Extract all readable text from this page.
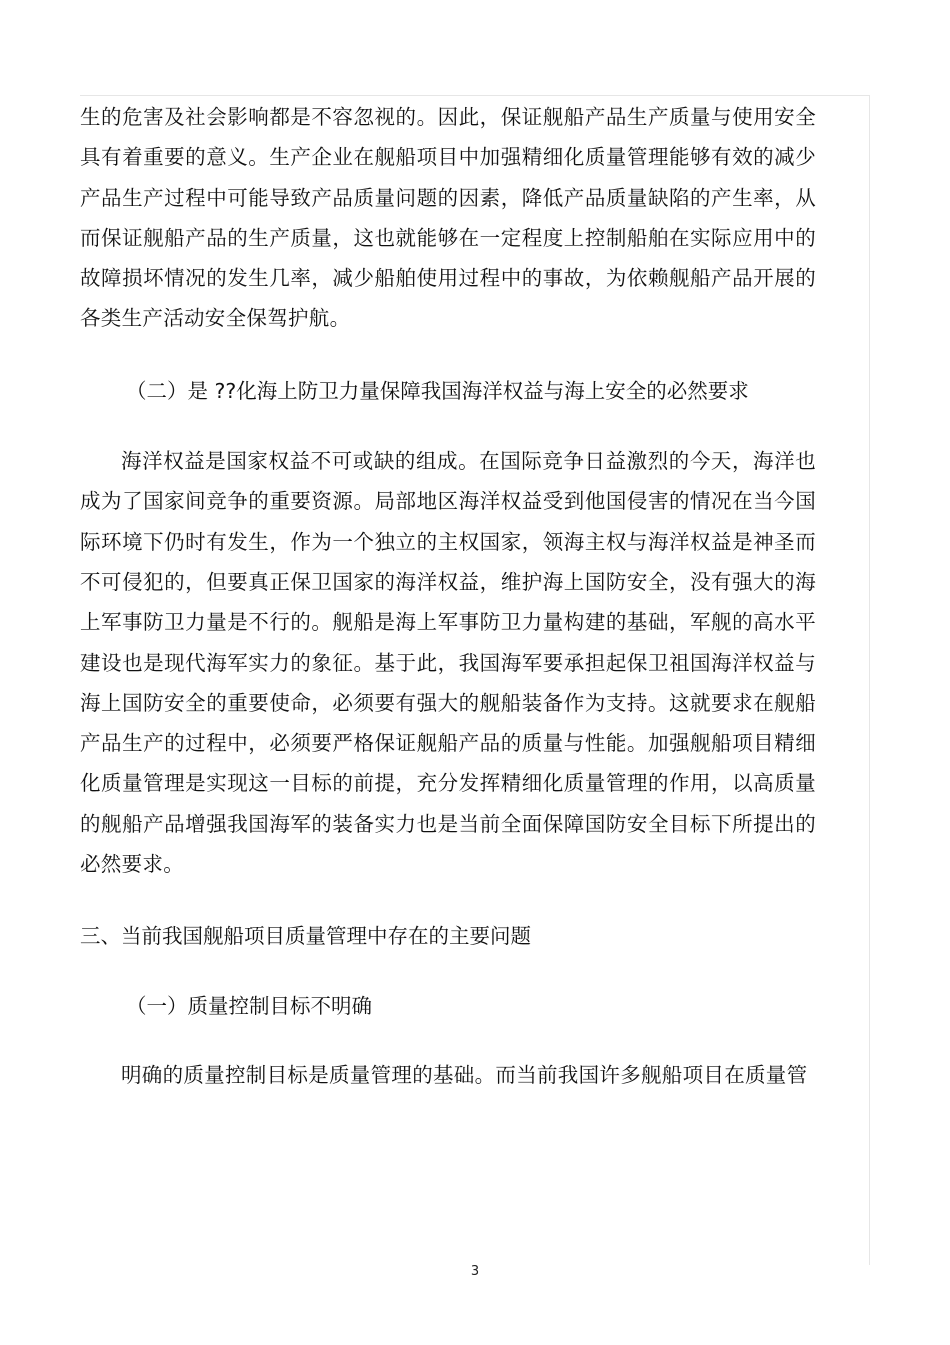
生的危害及社会影响都是不容忽视的。因此，保证舰船产品生产质量与使用安全具有着重要的意义。生产企业在舰船项目中加强精细化质量管理能够有效的减少产品生产过程中可能导致产品质量问题的因素，降低产品质量缺陷的产生率，从而保证舰船产品的生产质量，这也就能够在一定程度上控制船舶在实际应用中的故障损坏情况的发生几率，减少船舶使用过程中的事故，为依赖舰船产品开展的各类生产活动安全保驾护航。

（二）是 ??化海上防卫力量保障我国海洋权益与海上安全的必然要求

海洋权益是国家权益不可或缺的组成。在国际竞争日益激烈的今天，海洋也成为了国家间竞争的重要资源。局部地区海洋权益受到他国侵害的情况在当今国际环境下仍时有发生，作为一个独立的主权国家，领海主权与海洋权益是神圣而不可侵犯的，但要真正保卫国家的海洋权益，维护海上国防安全，没有强大的海上军事防卫力量是不行的。舰船是海上军事防卫力量构建的基础，军舰的高水平建设也是现代海军实力的象征。基于此，我国海军要承担起保卫祖国海洋权益与海上国防安全的重要使命，必须要有强大的舰船装备作为支持。这就要求在舰船产品生产的过程中，必须要严格保证舰船产品的质量与性能。加强舰船项目精细化质量管理是实现这一目标的前提，充分发挥精细化质量管理的作用，以高质量的舰船产品增强我国海军的装备实力也是当前全面保障国防安全目标下所提出的必然要求。

三、当前我国舰船项目质量管理中存在的主要问题

（一）质量控制目标不明确

明确的质量控制目标是质量管理的基础。而当前我国许多舰船项目在质量管

3
